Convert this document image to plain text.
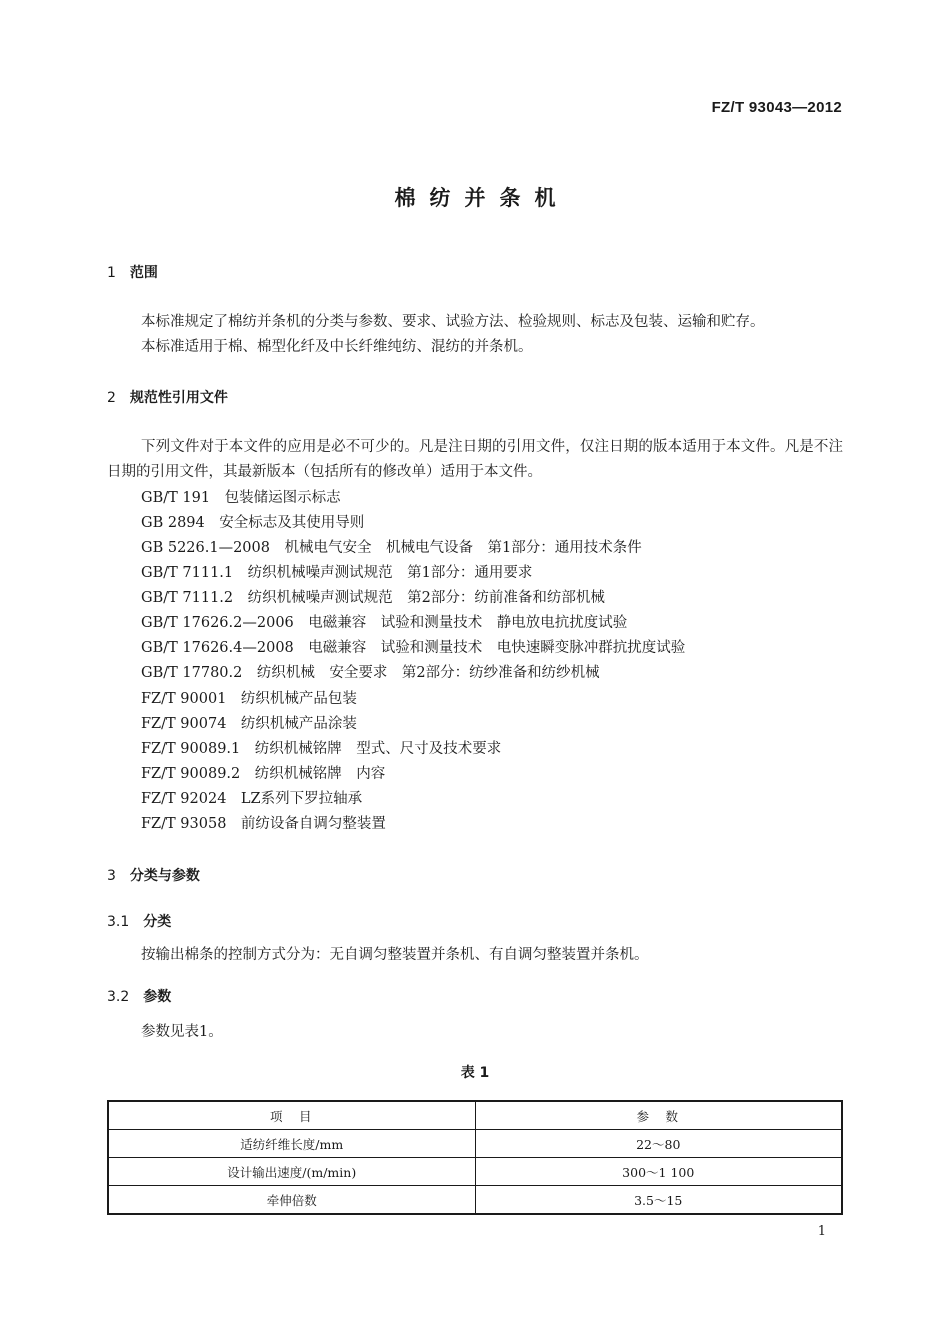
FZ/T 93043—2012
棉纺并条机
1 范围
本标准规定了棉纺并条机的分类与参数、要求、试验方法、检验规则、标志及包装、运输和贮存。
本标准适用于棉、棉型化纤及中长纤维纯纺、混纺的并条机。
2 规范性引用文件
下列文件对于本文件的应用是必不可少的。凡是注日期的引用文件，仅注日期的版本适用于本文件。凡是不注日期的引用文件，其最新版本（包括所有的修改单）适用于本文件。
GB/T 191　包装储运图示标志
GB 2894　安全标志及其使用导则
GB 5226.1—2008　机械电气安全　机械电气设备　第1部分：通用技术条件
GB/T 7111.1　纺织机械噪声测试规范　第1部分：通用要求
GB/T 7111.2　纺织机械噪声测试规范　第2部分：纺前准备和纺部机械
GB/T 17626.2—2006　电磁兼容　试验和测量技术　静电放电抗扰度试验
GB/T 17626.4—2008　电磁兼容　试验和测量技术　电快速瞬变脉冲群抗扰度试验
GB/T 17780.2　纺织机械　安全要求　第2部分：纺纱准备和纺纱机械
FZ/T 90001　纺织机械产品包装
FZ/T 90074　纺织机械产品涂装
FZ/T 90089.1　纺织机械铭牌　型式、尺寸及技术要求
FZ/T 90089.2　纺织机械铭牌　内容
FZ/T 92024　LZ系列下罗拉轴承
FZ/T 93058　前纺设备自调匀整装置
3 分类与参数
3.1 分类
按输出棉条的控制方式分为：无自调匀整装置并条机、有自调匀整装置并条机。
3.2 参数
参数见表1。
表 1
项　目	参　数
适纺纤维长度/mm	22～80
设计输出速度/(m/min)	300～1 100
牵伸倍数	3.5～15
1
